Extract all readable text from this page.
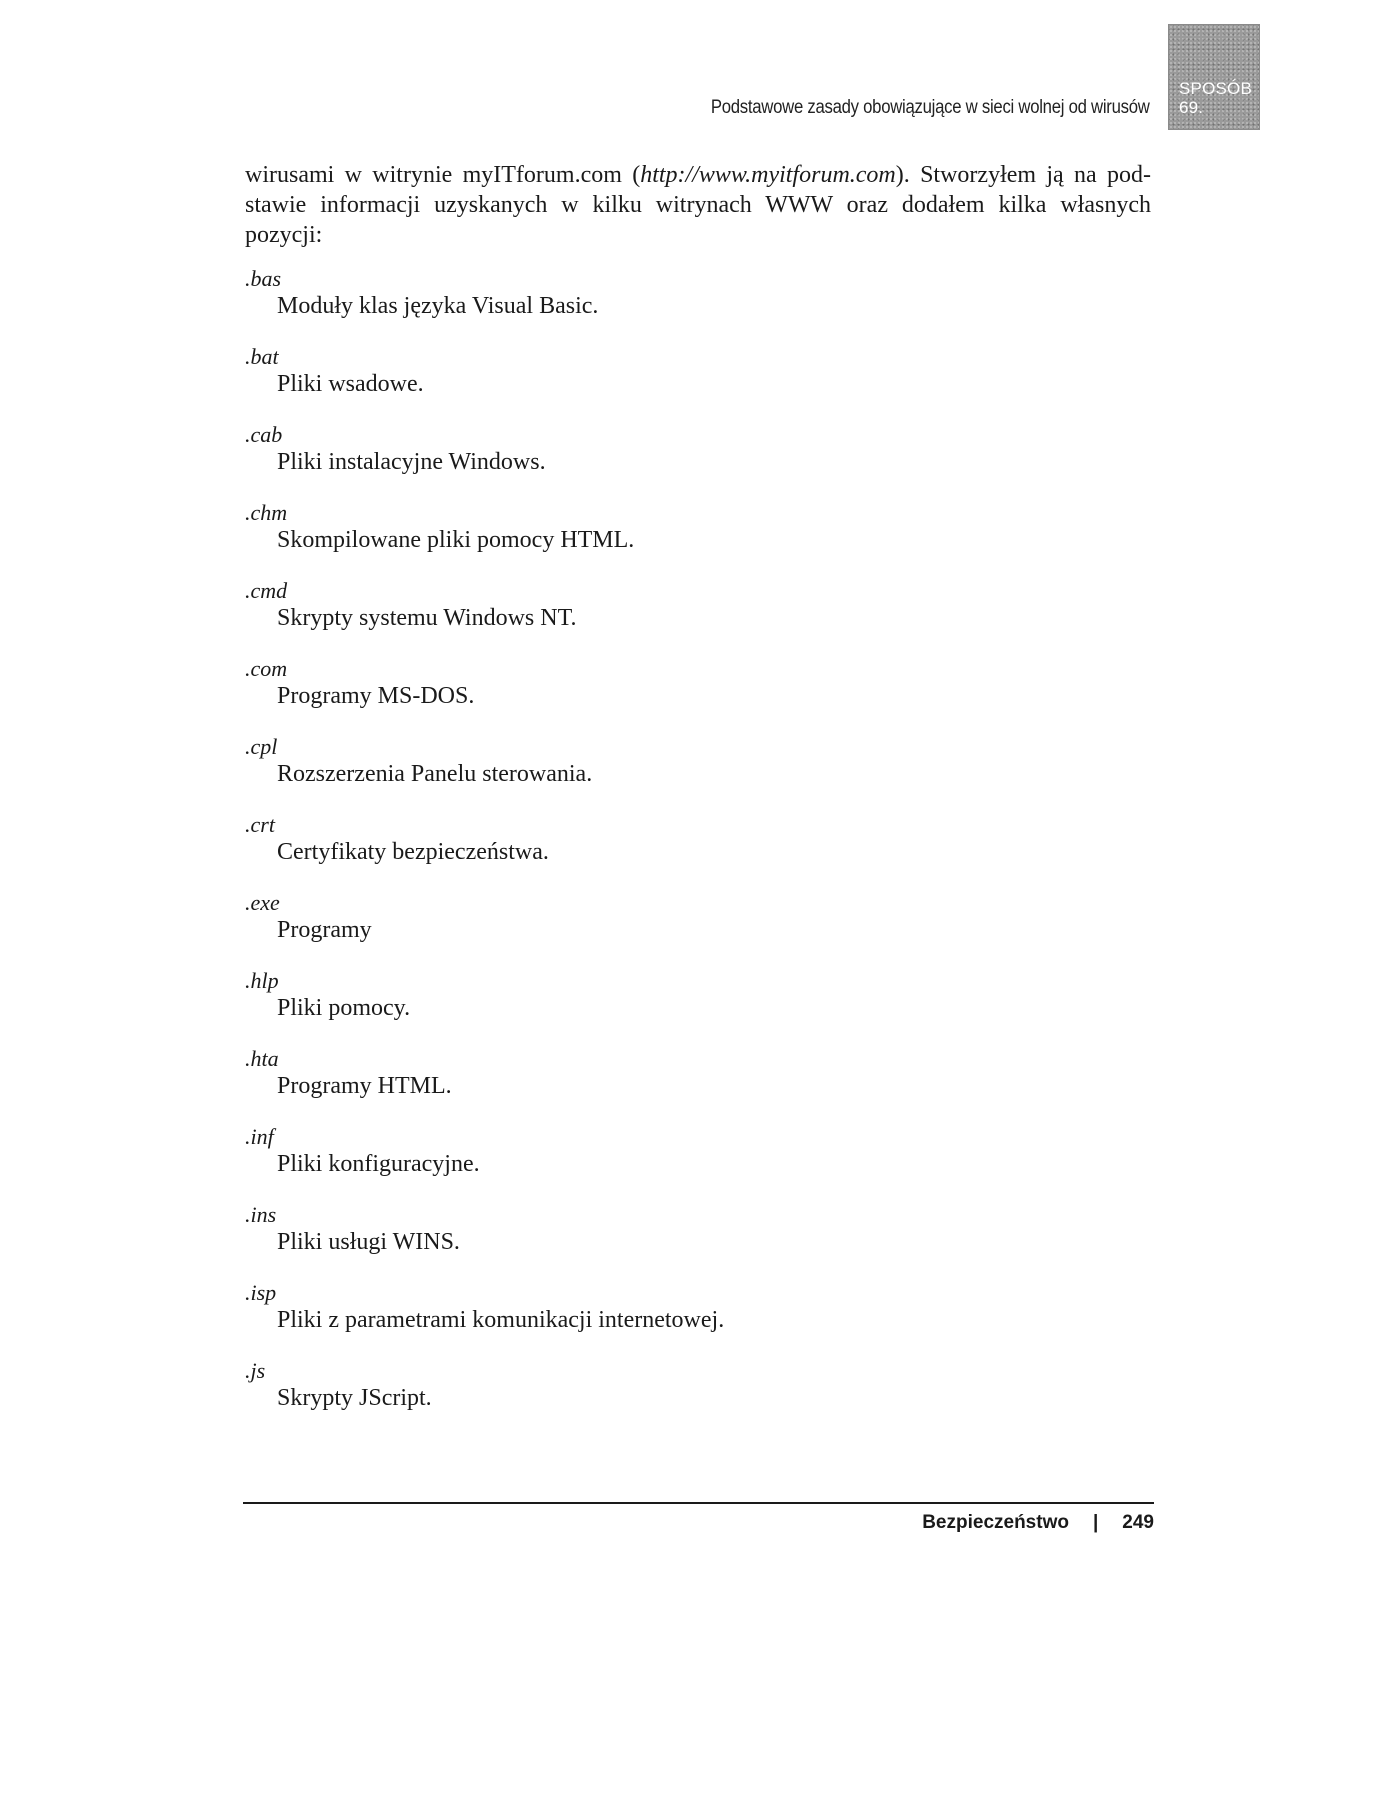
Podstawowe zasady obowiązujące w sieci wolnej od wirusów
SPOSÓB
69.

wirusami w witrynie myITforum.com (http://www.myitforum.com). Stworzyłem ją na podstawie informacji uzyskanych w kilku witrynach WWW oraz dodałem kilka własnych pozycji:

.bas
Moduły klas języka Visual Basic.
.bat
Pliki wsadowe.
.cab
Pliki instalacyjne Windows.
.chm
Skompilowane pliki pomocy HTML.
.cmd
Skrypty systemu Windows NT.
.com
Programy MS-DOS.
.cpl
Rozszerzenia Panelu sterowania.
.crt
Certyfikaty bezpieczeństwa.
.exe
Programy
.hlp
Pliki pomocy.
.hta
Programy HTML.
.inf
Pliki konfiguracyjne.
.ins
Pliki usługi WINS.
.isp
Pliki z parametrami komunikacji internetowej.
.js
Skrypty JScript.
Bezpieczeństwo | 249
